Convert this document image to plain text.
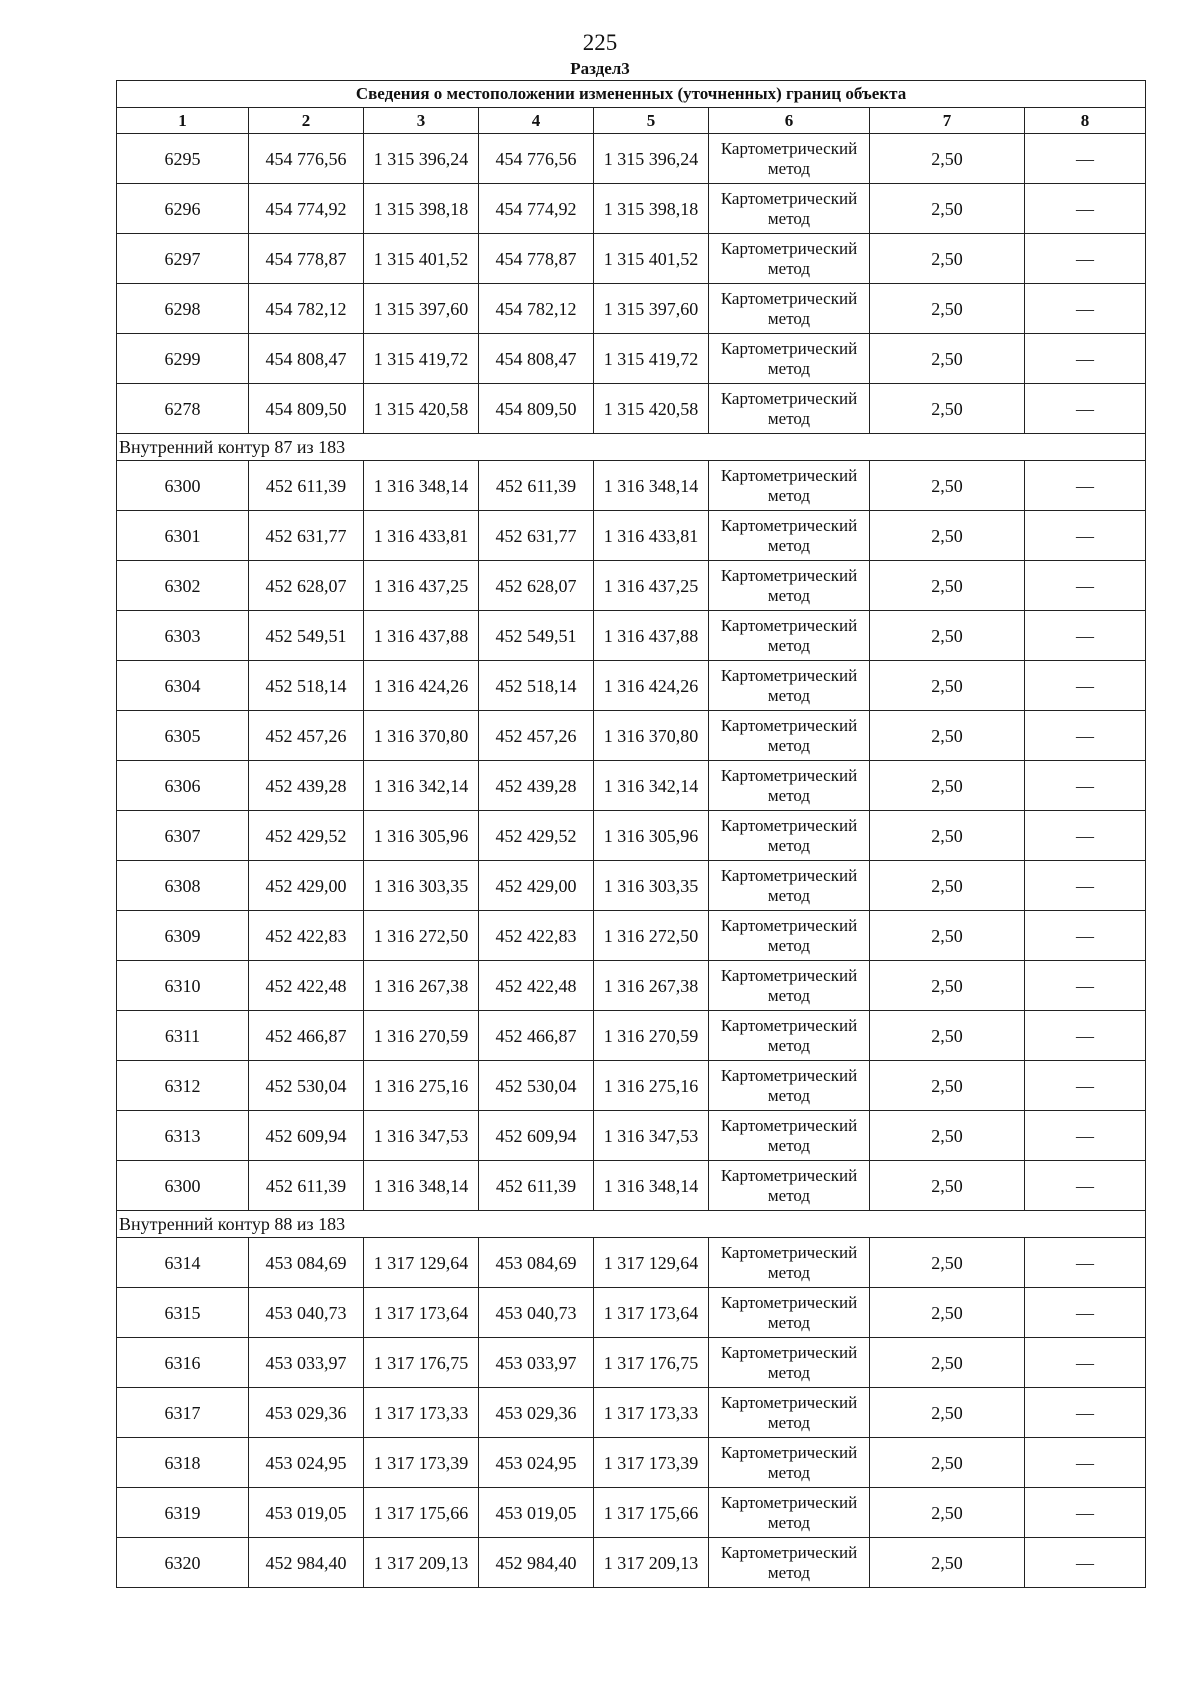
225
Раздел3
Сведения о местоположении измененных (уточненных) границ объекта							
1	2	3	4	5	6	7	8
6295	454 776,56	1 315 396,24	454 776,56	1 315 396,24	Картометрический метод	2,50	—
6296	454 774,92	1 315 398,18	454 774,92	1 315 398,18	Картометрический метод	2,50	—
6297	454 778,87	1 315 401,52	454 778,87	1 315 401,52	Картометрический метод	2,50	—
6298	454 782,12	1 315 397,60	454 782,12	1 315 397,60	Картометрический метод	2,50	—
6299	454 808,47	1 315 419,72	454 808,47	1 315 419,72	Картометрический метод	2,50	—
6278	454 809,50	1 315 420,58	454 809,50	1 315 420,58	Картометрический метод	2,50	—
Внутренний контур 87 из 183							
6300	452 611,39	1 316 348,14	452 611,39	1 316 348,14	Картометрический метод	2,50	—
6301	452 631,77	1 316 433,81	452 631,77	1 316 433,81	Картометрический метод	2,50	—
6302	452 628,07	1 316 437,25	452 628,07	1 316 437,25	Картометрический метод	2,50	—
6303	452 549,51	1 316 437,88	452 549,51	1 316 437,88	Картометрический метод	2,50	—
6304	452 518,14	1 316 424,26	452 518,14	1 316 424,26	Картометрический метод	2,50	—
6305	452 457,26	1 316 370,80	452 457,26	1 316 370,80	Картометрический метод	2,50	—
6306	452 439,28	1 316 342,14	452 439,28	1 316 342,14	Картометрический метод	2,50	—
6307	452 429,52	1 316 305,96	452 429,52	1 316 305,96	Картометрический метод	2,50	—
6308	452 429,00	1 316 303,35	452 429,00	1 316 303,35	Картометрический метод	2,50	—
6309	452 422,83	1 316 272,50	452 422,83	1 316 272,50	Картометрический метод	2,50	—
6310	452 422,48	1 316 267,38	452 422,48	1 316 267,38	Картометрический метод	2,50	—
6311	452 466,87	1 316 270,59	452 466,87	1 316 270,59	Картометрический метод	2,50	—
6312	452 530,04	1 316 275,16	452 530,04	1 316 275,16	Картометрический метод	2,50	—
6313	452 609,94	1 316 347,53	452 609,94	1 316 347,53	Картометрический метод	2,50	—
6300	452 611,39	1 316 348,14	452 611,39	1 316 348,14	Картометрический метод	2,50	—
Внутренний контур 88 из 183							
6314	453 084,69	1 317 129,64	453 084,69	1 317 129,64	Картометрический метод	2,50	—
6315	453 040,73	1 317 173,64	453 040,73	1 317 173,64	Картометрический метод	2,50	—
6316	453 033,97	1 317 176,75	453 033,97	1 317 176,75	Картометрический метод	2,50	—
6317	453 029,36	1 317 173,33	453 029,36	1 317 173,33	Картометрический метод	2,50	—
6318	453 024,95	1 317 173,39	453 024,95	1 317 173,39	Картометрический метод	2,50	—
6319	453 019,05	1 317 175,66	453 019,05	1 317 175,66	Картометрический метод	2,50	—
6320	452 984,40	1 317 209,13	452 984,40	1 317 209,13	Картометрический метод	2,50	—
